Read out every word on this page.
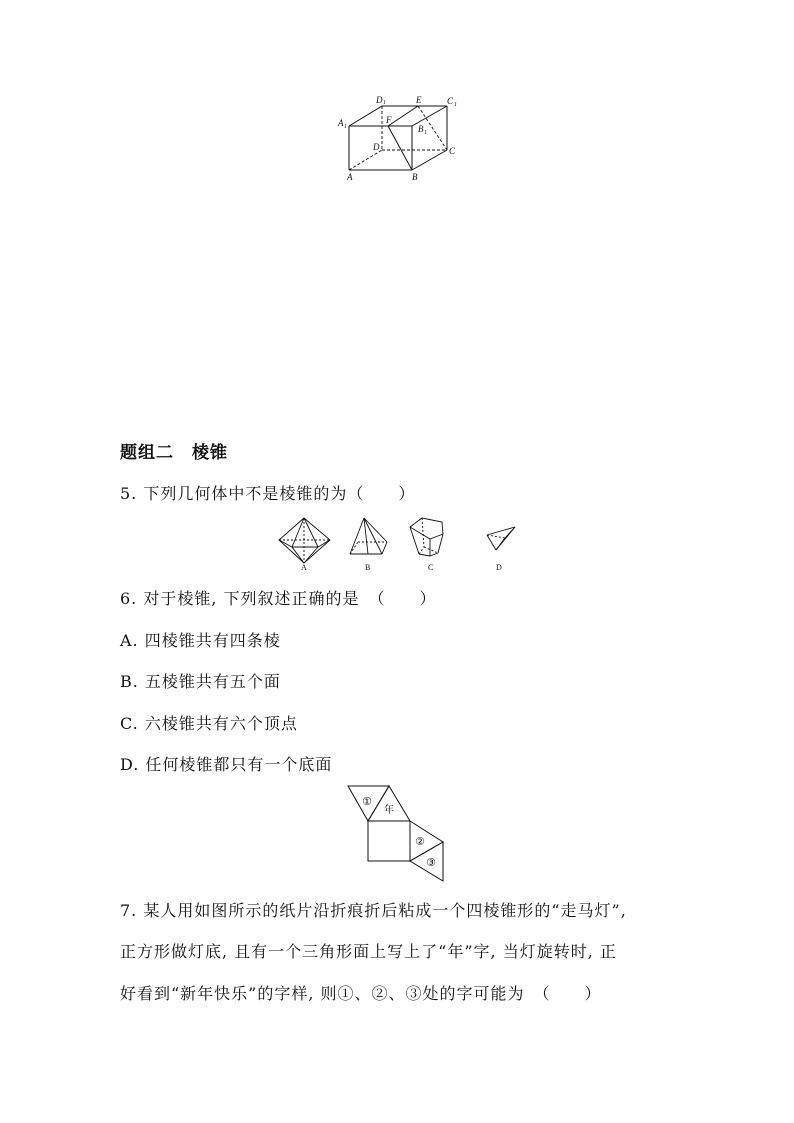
D 1	E	C 1
A 1
F
B 1
D	C
A	B
题组二　棱锥
5. 下列几何体中不是棱锥的为（　　）
A	B	C	D
6. 对于棱锥, 下列叙述正确的是　（　　）
A. 四棱锥共有四条棱
B. 五棱锥共有五个面
C. 六棱锥共有六个顶点
D. 任何棱锥都只有一个底面
①
年
②
③
7. 某人用如图所示的纸片沿折痕折后粘成一个四棱锥形的“走马灯”,
正方形做灯底, 且有一个三角形面上写上了“年”字, 当灯旋转时, 正
好看到“新年快乐”的字样, 则①、②、③处的字可能为　（　　）
